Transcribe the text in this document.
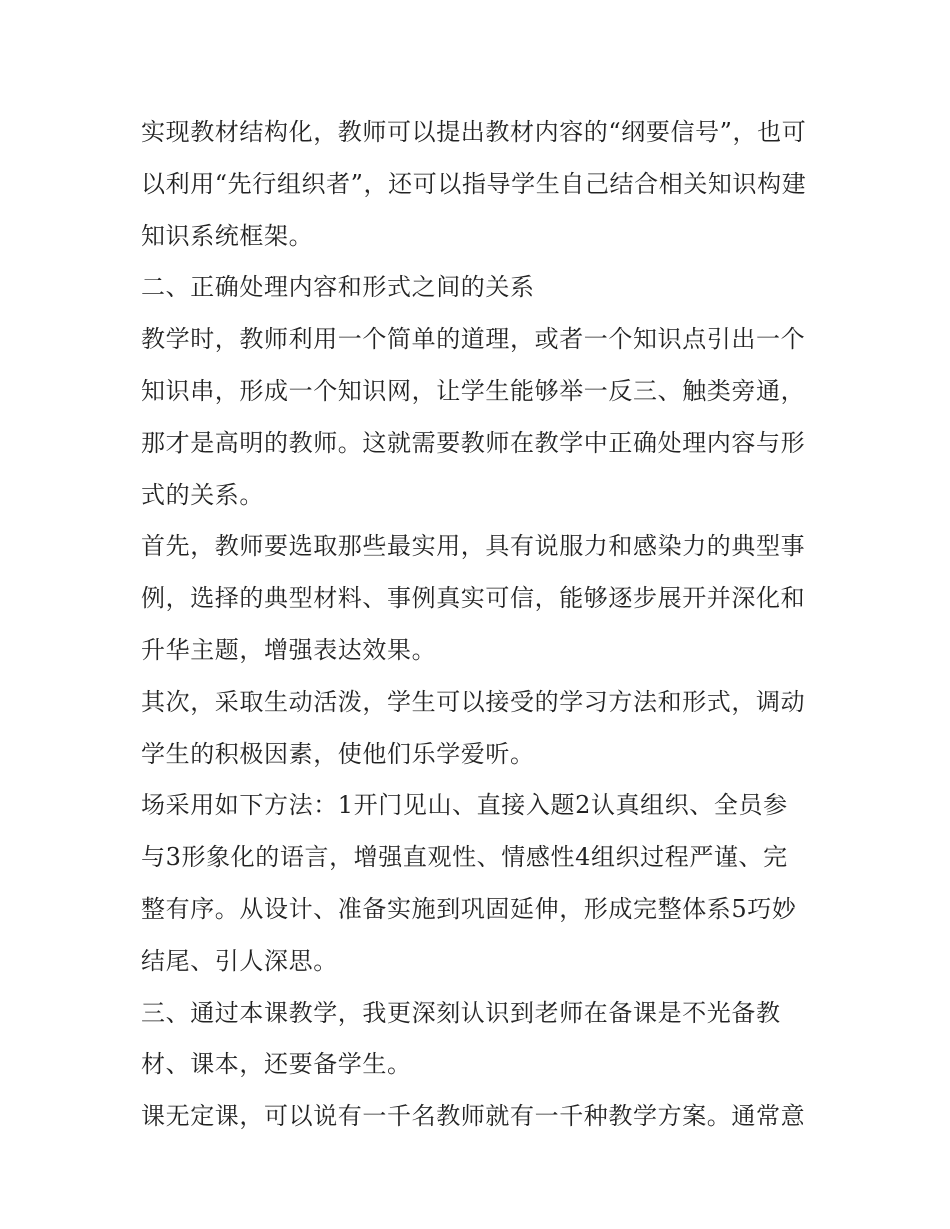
实现教材结构化，教师可以提出教材内容的“纲要信号”，也可
以利用“先行组织者”，还可以指导学生自己结合相关知识构建
知识系统框架。
二、正确处理内容和形式之间的关系
教学时，教师利用一个简单的道理，或者一个知识点引出一个
知识串，形成一个知识网，让学生能够举一反三、触类旁通，
那才是高明的教师。这就需要教师在教学中正确处理内容与形
式的关系。
首先，教师要选取那些最实用，具有说服力和感染力的典型事
例，选择的典型材料、事例真实可信，能够逐步展开并深化和
升华主题，增强表达效果。
其次，采取生动活泼，学生可以接受的学习方法和形式，调动
学生的积极因素，使他们乐学爱听。
场采用如下方法：1开门见山、直接入题2认真组织、全员参
与3形象化的语言，增强直观性、情感性4组织过程严谨、完
整有序。从设计、准备实施到巩固延伸，形成完整体系5巧妙
结尾、引人深思。
三、通过本课教学，我更深刻认识到老师在备课是不光备教
材、课本，还要备学生。
课无定课，可以说有一千名教师就有一千种教学方案。通常意
